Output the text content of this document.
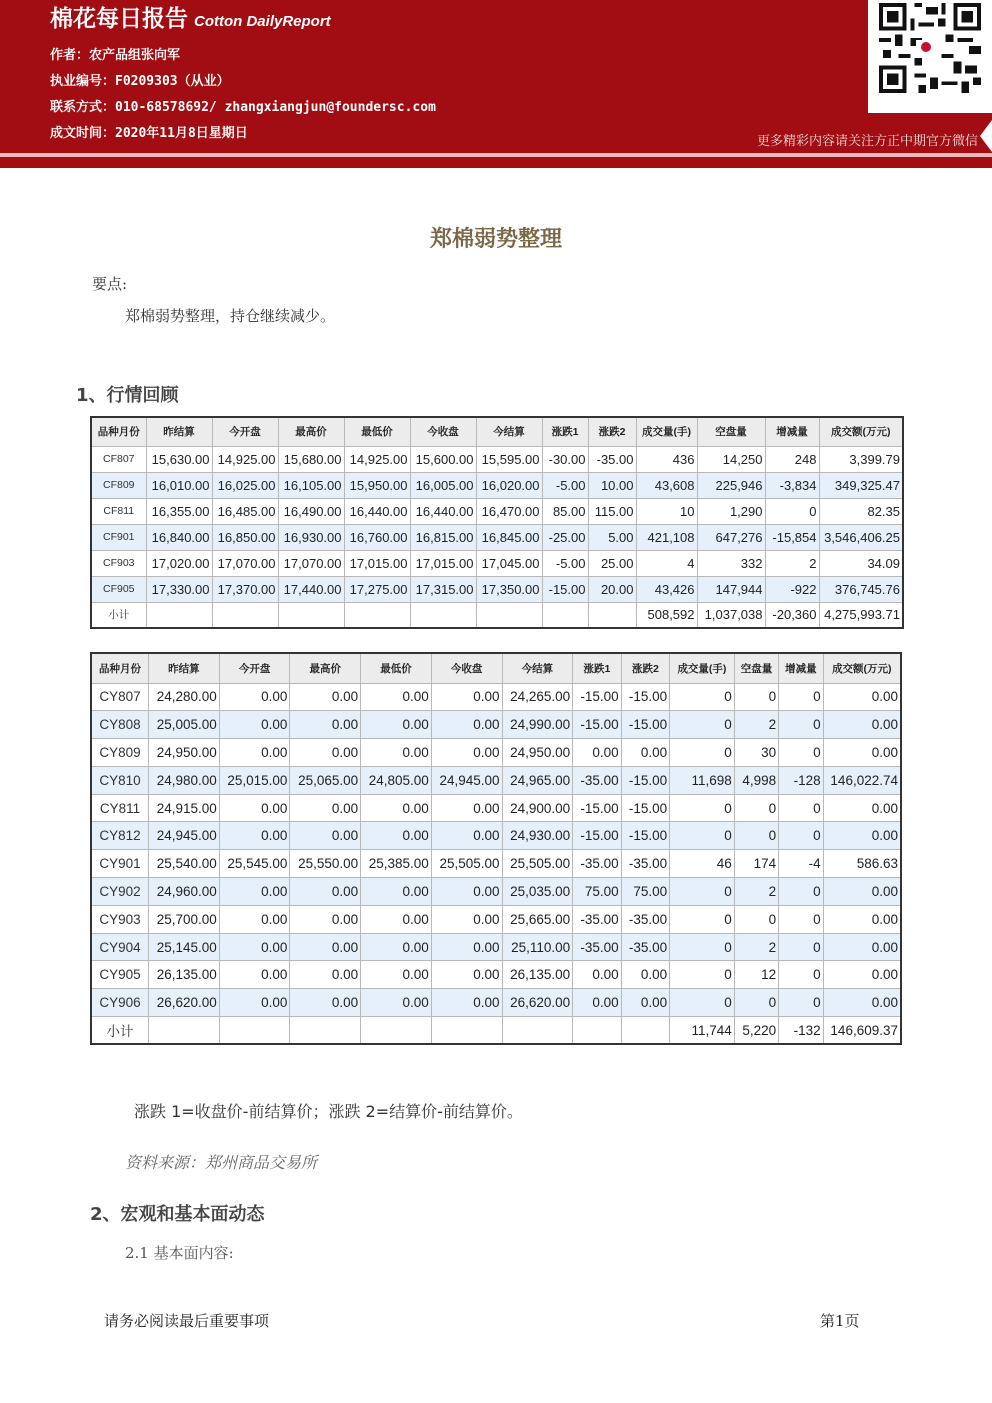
棉花每日报告 Cotton DailyReport
作者：农产品组张向军
执业编号：F0209303（从业）
联系方式：010-68578692/ zhangxiangjun@foundersc.com
成文时间：2020年11月8日星期日
更多精彩内容请关注方正中期官方微信
郑棉弱势整理
要点:
郑棉弱势整理，持仓继续减少。
1、行情回顾
品种月份	昨结算	今开盘	最高价	最低价	今收盘	今结算	涨跌1	涨跌2	成交量(手)	空盘量	增减量	成交额(万元)
CF807	15,630.00	14,925.00	15,680.00	14,925.00	15,600.00	15,595.00	-30.00	-35.00	436	14,250	248	3,399.79
CF809	16,010.00	16,025.00	16,105.00	15,950.00	16,005.00	16,020.00	-5.00	10.00	43,608	225,946	-3,834	349,325.47
CF811	16,355.00	16,485.00	16,490.00	16,440.00	16,440.00	16,470.00	85.00	115.00	10	1,290	0	82.35
CF901	16,840.00	16,850.00	16,930.00	16,760.00	16,815.00	16,845.00	-25.00	5.00	421,108	647,276	-15,854	3,546,406.25
CF903	17,020.00	17,070.00	17,070.00	17,015.00	17,015.00	17,045.00	-5.00	25.00	4	332	2	34.09
CF905	17,330.00	17,370.00	17,440.00	17,275.00	17,315.00	17,350.00	-15.00	20.00	43,426	147,944	-922	376,745.76
小计									508,592	1,037,038	-20,360	4,275,993.71
品种月份	昨结算	今开盘	最高价	最低价	今收盘	今结算	涨跌1	涨跌2	成交量(手)	空盘量	增减量	成交额(万元)
CY807	24,280.00	0.00	0.00	0.00	0.00	24,265.00	-15.00	-15.00	0	0	0	0.00
CY808	25,005.00	0.00	0.00	0.00	0.00	24,990.00	-15.00	-15.00	0	2	0	0.00
CY809	24,950.00	0.00	0.00	0.00	0.00	24,950.00	0.00	0.00	0	30	0	0.00
CY810	24,980.00	25,015.00	25,065.00	24,805.00	24,945.00	24,965.00	-35.00	-15.00	11,698	4,998	-128	146,022.74
CY811	24,915.00	0.00	0.00	0.00	0.00	24,900.00	-15.00	-15.00	0	0	0	0.00
CY812	24,945.00	0.00	0.00	0.00	0.00	24,930.00	-15.00	-15.00	0	0	0	0.00
CY901	25,540.00	25,545.00	25,550.00	25,385.00	25,505.00	25,505.00	-35.00	-35.00	46	174	-4	586.63
CY902	24,960.00	0.00	0.00	0.00	0.00	25,035.00	75.00	75.00	0	2	0	0.00
CY903	25,700.00	0.00	0.00	0.00	0.00	25,665.00	-35.00	-35.00	0	0	0	0.00
CY904	25,145.00	0.00	0.00	0.00	0.00	25,110.00	-35.00	-35.00	0	2	0	0.00
CY905	26,135.00	0.00	0.00	0.00	0.00	26,135.00	0.00	0.00	0	12	0	0.00
CY906	26,620.00	0.00	0.00	0.00	0.00	26,620.00	0.00	0.00	0	0	0	0.00
小计									11,744	5,220	-132	146,609.37
涨跌 1=收盘价-前结算价；涨跌 2=结算价-前结算价。
资料来源：郑州商品交易所
2、宏观和基本面动态
2.1 基本面内容:
请务必阅读最后重要事项	第1页
